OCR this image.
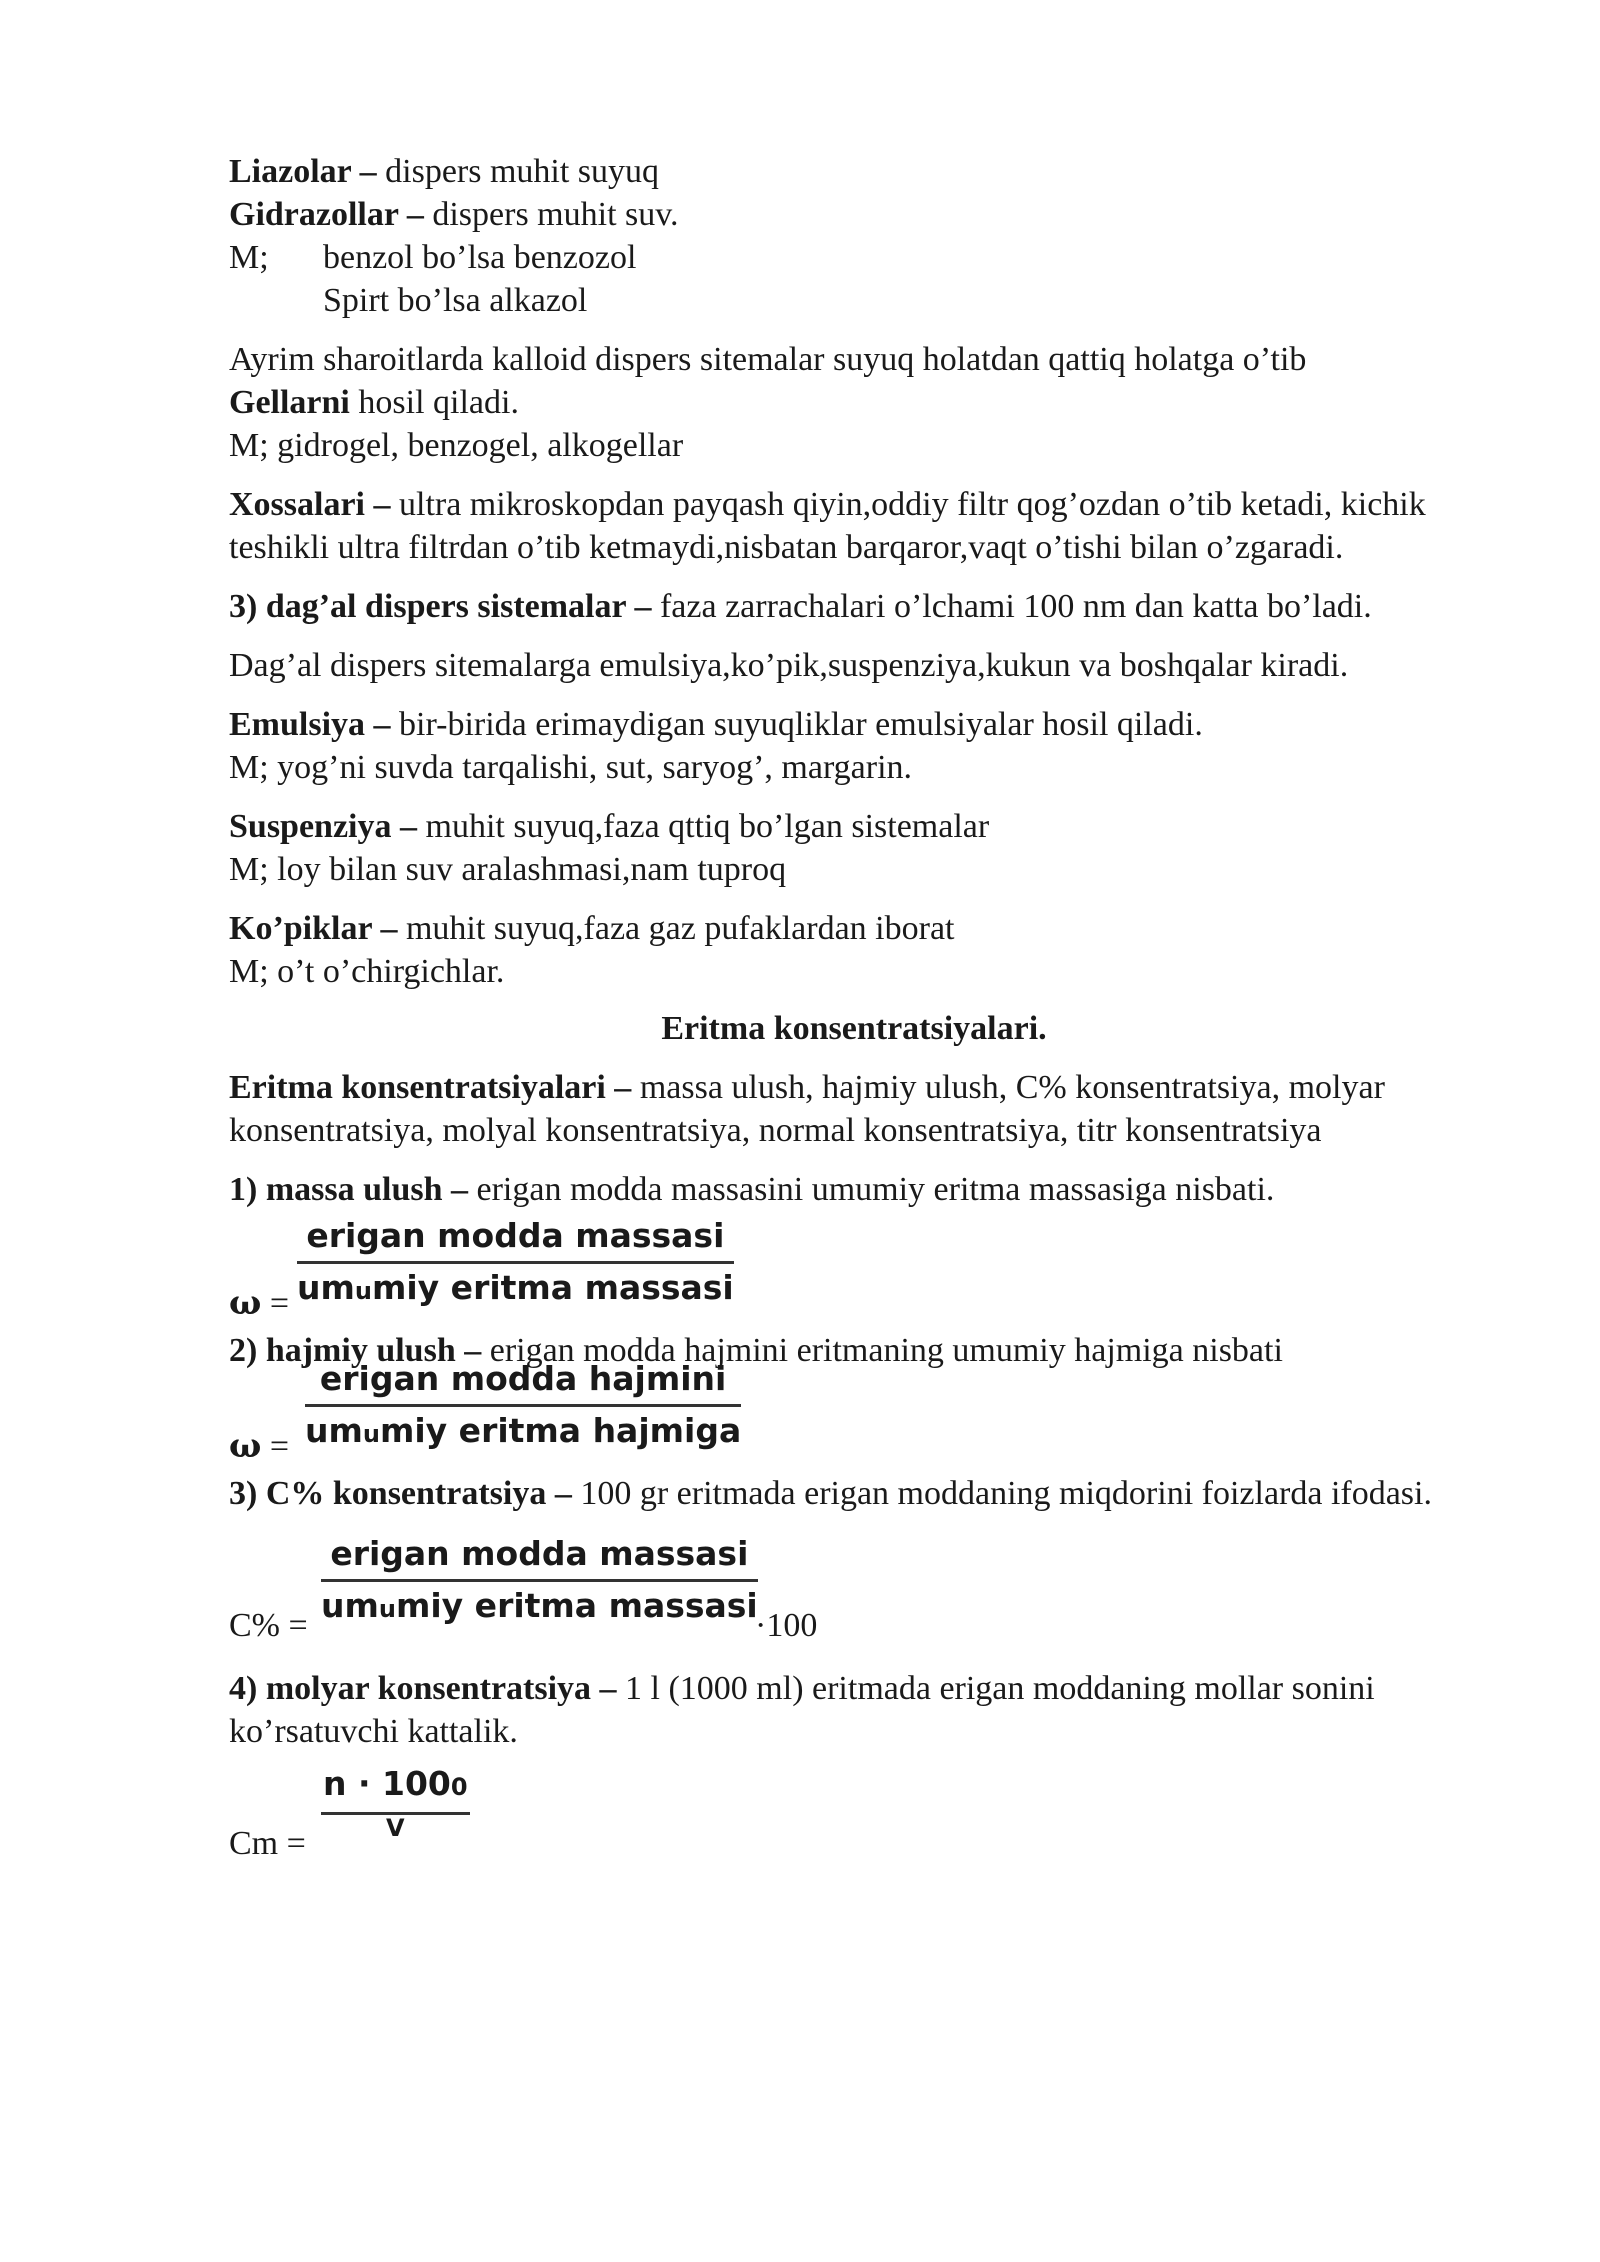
Liazolar – dispers muhit suyuq

Gidrazollar – dispers muhit suv.

M;	benzol bo’lsa benzozol

Spirt bo’lsa alkazol

Ayrim sharoitlarda kalloid dispers sitemalar suyuq holatdan qattiq holatga o’tib
Gellarni hosil qiladi.

M; gidrogel, benzogel, alkogellar

Xossalari – ultra mikroskopdan payqash qiyin,oddiy filtr qog’ozdan o’tib ketadi, kichik teshikli ultra filtrdan o’tib ketmaydi,nisbatan barqaror,vaqt o’tishi bilan o’zgaradi.

3) dag’al dispers sistemalar – faza zarrachalari o’lchami 100 nm dan katta bo’ladi.

Dag’al dispers sitemalarga emulsiya,ko’pik,suspenziya,kukun va boshqalar kiradi.

Emulsiya – bir-birida erimaydigan suyuqliklar emulsiyalar hosil qiladi.

M; yog’ni suvda tarqalishi, sut, saryog’, margarin.

Suspenziya – muhit suyuq,faza qttiq bo’lgan sistemalar

M; loy bilan suv aralashmasi,nam tuproq

Ko’piklar – muhit suyuq,faza gaz pufaklardan iborat

M; o’t o’chirgichlar.

Eritma konsentratsiyalari.

Eritma konsentratsiyalari – massa ulush, hajmiy ulush, C% konsentratsiya, molyar konsentratsiya, molyal konsentratsiya, normal konsentratsiya, titr konsentratsiya

1) massa ulush – erigan modda massasini umumiy eritma massasiga nisbati.

ω =
erigan modda massasi
umumiy eritma massasi

2) hajmiy ulush – erigan modda hajmini eritmaning umumiy hajmiga nisbati

ω =
erigan modda hajmini
umumiy eritma hajmiga

3) C% konsentratsiya – 100 gr eritmada erigan moddaning miqdorini foizlarda ifodasi.

C% =
erigan modda massasi
umumiy eritma massasi
·100

4) molyar konsentratsiya – 1 l (1000 ml) eritmada erigan moddaning mollar sonini ko’rsatuvchi kattalik.

Cm =
n · 1000
V
